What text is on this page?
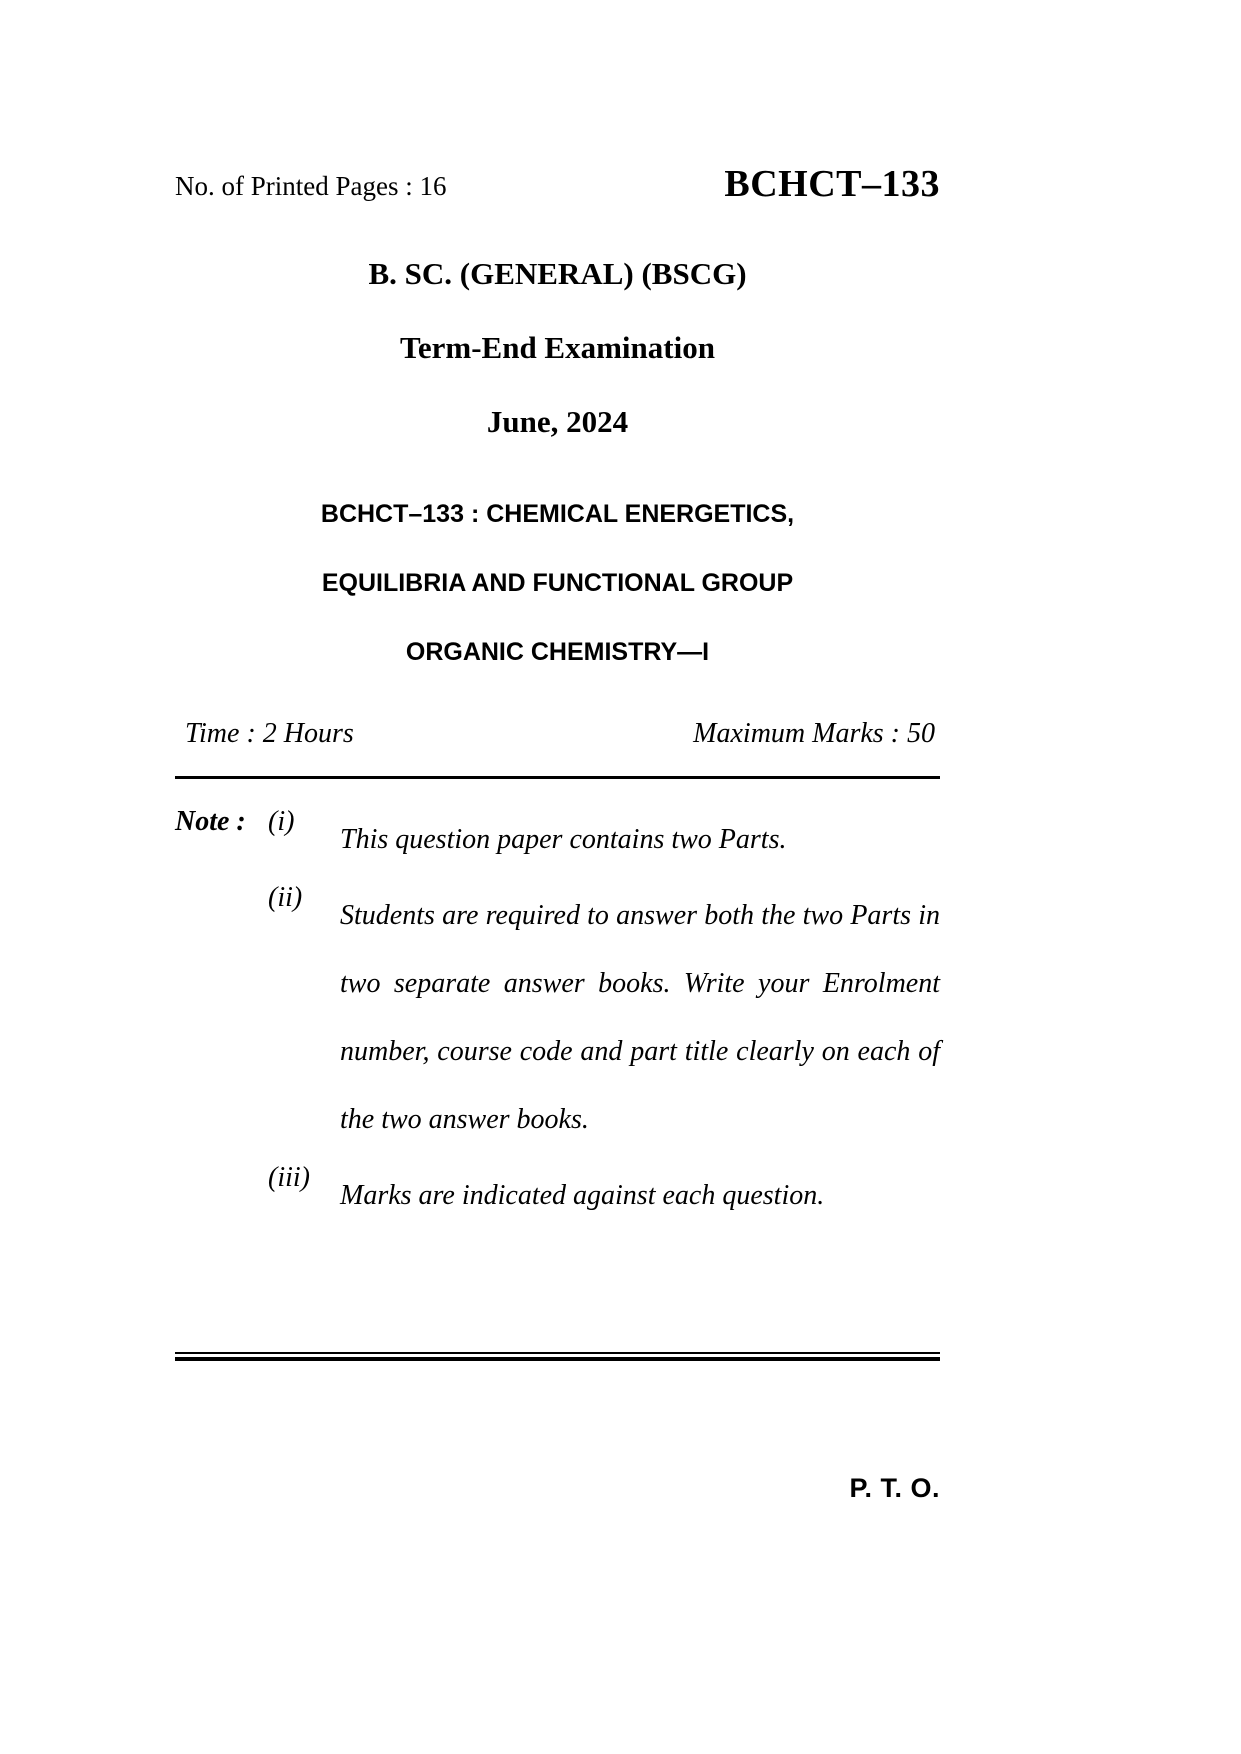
No. of Printed Pages : 16	BCHCT–133
B. SC. (GENERAL) (BSCG)
Term-End Examination
June, 2024
BCHCT–133 : CHEMICAL ENERGETICS,
EQUILIBRIA AND FUNCTIONAL GROUP
ORGANIC CHEMISTRY—I
Time : 2 Hours	Maximum Marks : 50
Note : (i)
This question paper contains two Parts.
(ii)
Students are required to answer both the two Parts in two separate answer books. Write your Enrolment number, course code and part title clearly on each of the two answer books.
(iii)
Marks are indicated against each question.
P. T. O.
